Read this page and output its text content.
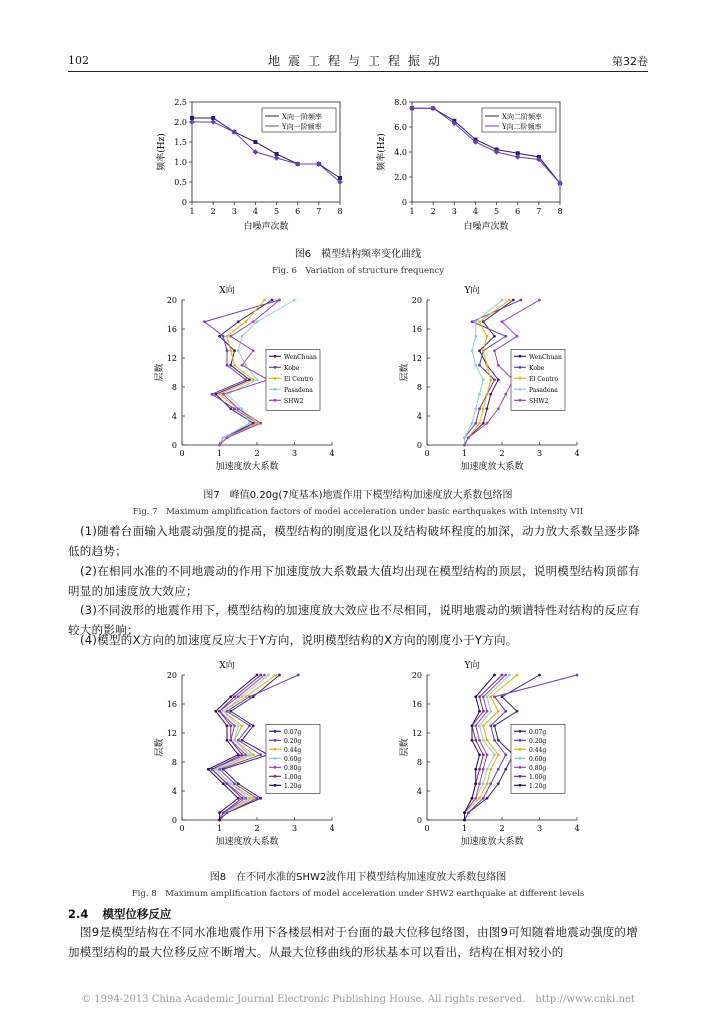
102	地震工程与工程振动	第32卷
0
0.5
1.0
1.5
2.0
2.5
1 2 3 4 5 6 7 8
白噪声次数
频率(Hz)
X向一阶频率
Y向一阶频率
0
2.0
4.0
6.0
8.0
1 2 3 4 5 6 7 8
白噪声次数
频率(Hz)
X向二阶频率
Y向二阶频率
图6　模型结构频率变化曲线
Fig. 6　Variation of structure frequency
X向
0
4
8
12
16
20
0	1	2	3	4
加速度放大系数
层数
WenChuan
Kobe
El Centro
Pasadena
SHW2
Y向
0
4
8
12
16
20
0	1	2	3	4
加速度放大系数
层数
WenChuan
Kobe
El Centro
Pasadena
SHW2
图7　峰值0.20g(7度基本)地震作用下模型结构加速度放大系数包络图
Fig. 7　Maximum amplification factors of model acceleration under basic earthquakes with intensity VII
(1)随着台面输入地震动强度的提高，模型结构的刚度退化以及结构破坏程度的加深，动力放大系数呈逐步降低的趋势；
(2)在相同水准的不同地震动的作用下加速度放大系数最大值均出现在模型结构的顶层，说明模型结构顶部有明显的加速度放大效应；
(3)不同波形的地震作用下，模型结构的加速度放大效应也不尽相同，说明地震动的频谱特性对结构的反应有较大的影响；
(4)模型的X方向的加速度反应大于Y方向，说明模型结构的X方向的刚度小于Y方向。
X向
0
4
8
12
16
20
0	1	2	3	4
加速度放大系数
层数
0.07g
0.20g
0.44g
0.60g
0.80g
1.00g
1.20g
Y向
0
4
8
12
16
20
0	1	2	3	4
加速度放大系数
层数
0.07g
0.20g
0.44g
0.60g
0.80g
1.00g
1.20g
图8　在不同水准的SHW2波作用下模型结构加速度放大系数包络图
Fig. 8　Maximum amplification factors of model acceleration under SHW2 earthquake at different levels
2.4 模型位移反应
图9是模型结构在不同水准地震作用下各楼层相对于台面的最大位移包络图，由图9可知随着地震动强度的增加模型结构的最大位移反应不断增大。从最大位移曲线的形状基本可以看出，结构在相对较小的
© 1994-2013 China Academic Journal Electronic Publishing House. All rights reserved.　http://www.cnki.net
